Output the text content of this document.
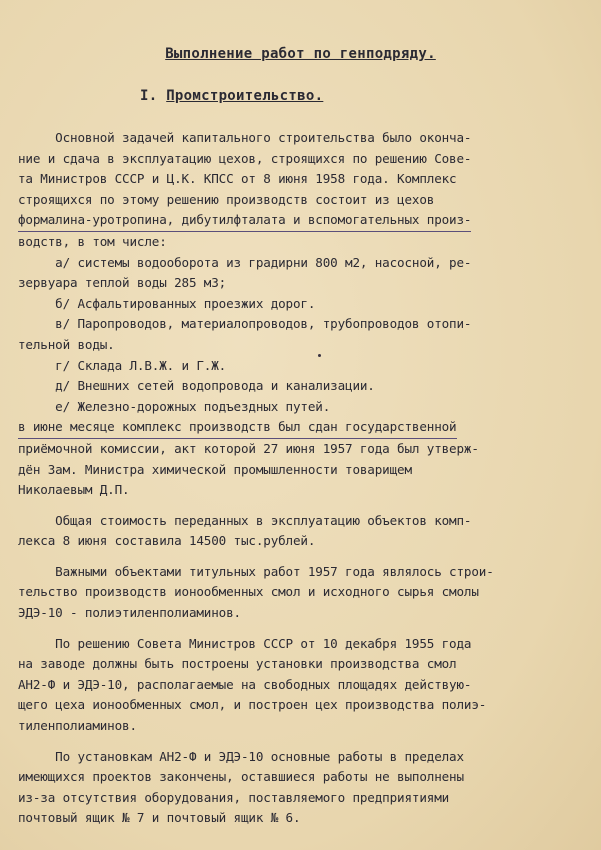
Выполнение работ по генподряду.
I. Промстроительство.
Основной задачей капитального строительства было оконча-
ние и сдача в эксплуатацию цехов, строящихся по решению Сове-
та Министров СССР и Ц.К. КПСС от 8 июня 1958 года. Комплекс
строящихся по этому решению производств состоит из цехов
формалина-уротропина, дибутилфталата и вспомогательных произ-
водств, в том числе:
а/ системы водооборота из градирни 800 м2, насосной, ре-
зервуара теплой воды 285 м3;
б/ Асфальтированных проезжих дорог.
в/ Паропроводов, материалопроводов, трубопроводов отопи-
тельной воды.
г/ Склада Л.В.Ж. и Г.Ж.
д/ Внешних сетей водопровода и канализации.
е/ Железно-дорожных подъездных путей.
в июне месяце комплекс производств был сдан государственной
приёмочной комиссии, акт которой 27 июня 1957 года был утверж-
дён Зам. Министра химической промышленности товарищем
Николаевым Д.П.
Общая стоимость переданных в эксплуатацию объектов комп-
лекса 8 июня составила 14500 тыс.рублей.
Важными объектами титульных работ 1957 года являлось строи-
тельство производств ионообменных смол и исходного сырья смолы
ЭДЭ-10 - полиэтиленполиаминов.
По решению Совета Министров СССР от 10 декабря 1955 года
на заводе должны быть построены установки производства смол
АН2-Ф и ЭДЭ-10, располагаемые на свободных площадях действую-
щего цеха ионообменных смол, и построен цех производства полиэ-
тиленполиаминов.
По установкам АН2-Ф и ЭДЭ-10 основные работы в пределах
имеющихся проектов закончены, оставшиеся работы не выполнены
из-за отсутствия оборудования, поставляемого предприятиями
почтовый ящик № 7 и почтовый ящик № 6.
